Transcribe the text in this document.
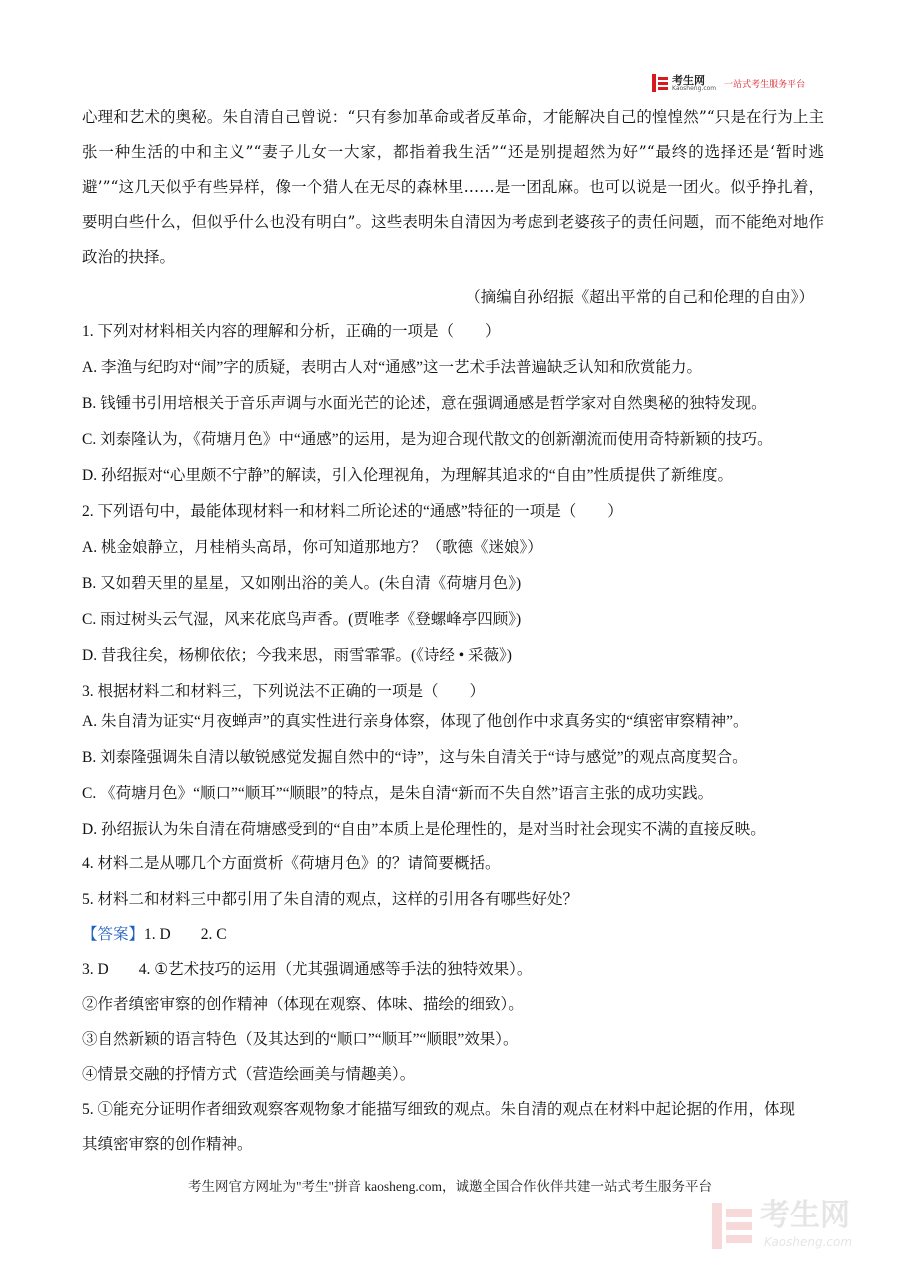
考生网
Kaosheng.com 一站式考生服务平台
心理和艺术的奥秘。朱自清自己曾说：“只有参加革命或者反革命，才能解决自己的惶惶然”“只是在行为上主张一种生活的中和主义”“妻子儿女一大家，都指着我生活”“还是别提超然为好”“最终的选择还是‘暂时逃避’”“这几天似乎有些异样，像一个猎人在无尽的森林里……是一团乱麻。也可以说是一团火。似乎挣扎着，要明白些什么，但似乎什么也没有明白”。这些表明朱自清因为考虑到老婆孩子的责任问题，而不能绝对地作政治的抉择。
（摘编自孙绍振《超出平常的自己和伦理的自由》）
1. 下列对材料相关内容的理解和分析，正确的一项是（　　）
A. 李渔与纪昀对“闹”字的质疑，表明古人对“通感”这一艺术手法普遍缺乏认知和欣赏能力。
B. 钱锺书引用培根关于音乐声调与水面光芒的论述，意在强调通感是哲学家对自然奥秘的独特发现。
C. 刘泰隆认为，《荷塘月色》中“通感”的运用，是为迎合现代散文的创新潮流而使用奇特新颖的技巧。
D. 孙绍振对“心里颇不宁静”的解读，引入伦理视角，为理解其追求的“自由”性质提供了新维度。
2. 下列语句中，最能体现材料一和材料二所论述的“通感”特征的一项是（　　）
A. 桃金娘静立，月桂梢头高昂，你可知道那地方？（歌德《迷娘》）
B. 又如碧天里的星星，又如刚出浴的美人。(朱自清《荷塘月色》)
C. 雨过树头云气湿，风来花底鸟声香。(贾唯孝《登螺峰亭四顾》)
D. 昔我往矣，杨柳依依；今我来思，雨雪霏霏。(《诗经 • 采薇》)
3. 根据材料二和材料三，下列说法不正确的一项是（　　）
A. 朱自清为证实“月夜蝉声”的真实性进行亲身体察，体现了他创作中求真务实的“缜密审察精神”。
B. 刘泰隆强调朱自清以敏锐感觉发掘自然中的“诗”，这与朱自清关于“诗与感觉”的观点高度契合。
C. 《荷塘月色》“顺口”“顺耳”“顺眼”的特点，是朱自清“新而不失自然”语言主张的成功实践。
D. 孙绍振认为朱自清在荷塘感受到的“自由”本质上是伦理性的，是对当时社会现实不满的直接反映。
4. 材料二是从哪几个方面赏析《荷塘月色》的？请简要概括。
5. 材料二和材料三中都引用了朱自清的观点，这样的引用各有哪些好处？
【答案】1. D 2. C
3. D 4. ①艺术技巧的运用（尤其强调通感等手法的独特效果）。
②作者缜密审察的创作精神（体现在观察、体味、描绘的细致）。
③自然新颖的语言特色（及其达到的“顺口”“顺耳”“顺眼”效果）。
④情景交融的抒情方式（营造绘画美与情趣美）。
5. ①能充分证明作者细致观察客观物象才能描写细致的观点。朱自清的观点在材料中起论据的作用，体现
其缜密审察的创作精神。
考生网官方网址为"考生"拼音 kaosheng.com，诚邀全国合作伙伴共建一站式考生服务平台
考生网
Kaosheng.com
